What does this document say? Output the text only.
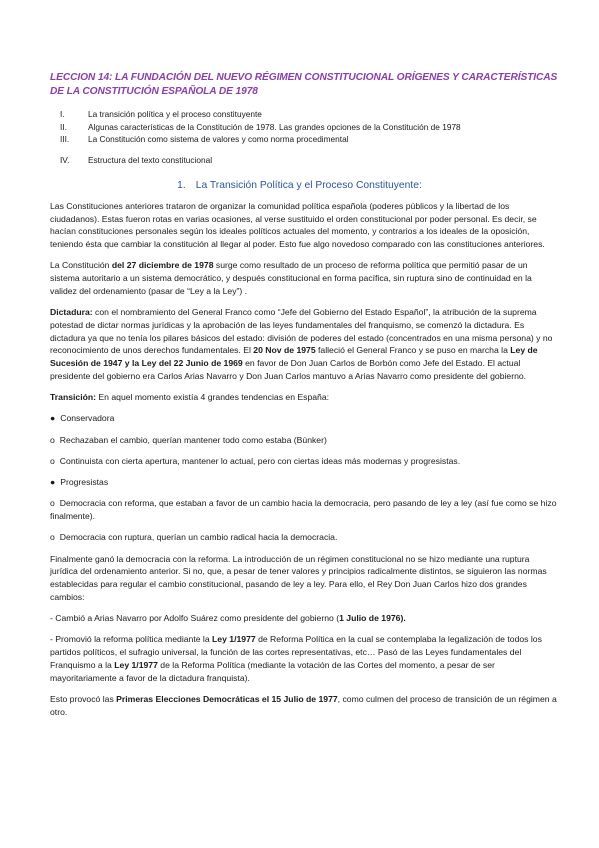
LECCION 14: LA FUNDACIÓN DEL NUEVO RÉGIMEN CONSTITUCIONAL ORÍGENES Y CARACTERÍSTICAS DE LA CONSTITUCIÓN ESPAÑOLA DE 1978
I.	La transición política y el proceso constituyente
II.	Algunas características de la Constitución de 1978. Las grandes opciones de la Constitución de 1978
III.	La Constitución como sistema de valores y como norma procedimental
IV.	Estructura del texto constitucional
1. La Transición Política y el Proceso Constituyente:

Las Constituciones anteriores trataron de organizar la comunidad política española (poderes públicos y la libertad de los ciudadanos). Estas fueron rotas en varias ocasiones, al verse sustituido el orden constitucional por poder personal. Es decir, se hacían constituciones personales según los ideales políticos actuales del momento, y contrarios a los ideales de la oposición, teniendo ésta que cambiar la constitución al llegar al poder. Esto fue algo novedoso comparado con las constituciones anteriores.

La Constitución del 27 diciembre de 1978 surge como resultado de un proceso de reforma política que permitió pasar de un sistema autoritario a un sistema democrático, y después constitucional en forma pacífica, sin ruptura sino de continuidad en la validez del ordenamiento (pasar de “Ley a la Ley”) .

Dictadura: con el nombramiento del General Franco como “Jefe del Gobierno del Estado Español”, la atribución de la suprema potestad de dictar normas jurídicas y la aprobación de las leyes fundamentales del franquismo, se comenzó la dictadura. Es dictadura ya que no tenía los pilares básicos del estado: división de poderes del estado (concentrados en una misma persona) y no reconocimiento de unos derechos fundamentales. El 20 Nov de 1975 falleció el General Franco y se puso en marcha la Ley de Sucesión de 1947 y la Ley del 22 Junio de 1969 en favor de Don Juan Carlos de Borbón como Jefe del Estado. El actual presidente del gobierno era Carlos Arias Navarro y Don Juan Carlos mantuvo a Arias Navarro como presidente del gobierno.

Transición: En aquel momento existía 4 grandes tendencias en España:

● Conservadora

o Rechazaban el cambio, querían mantener todo como estaba (Búnker)

o Continuista con cierta apertura, mantener lo actual, pero con ciertas ideas más modernas y progresistas.

● Progresistas

o Democracia con reforma, que estaban a favor de un cambio hacia la democracia, pero pasando de ley a ley (así fue como se hizo finalmente).

o Democracia con ruptura, querían un cambio radical hacia la democracia.

Finalmente ganó la democracia con la reforma. La introducción de un régimen constitucional no se hizo mediante una ruptura jurídica del ordenamiento anterior. Si no, que, a pesar de tener valores y principios radicalmente distintos, se siguieron las normas establecidas para regular el cambio constitucional, pasando de ley a ley. Para ello, el Rey Don Juan Carlos hizo dos grandes cambios:

- Cambió a Arias Navarro por Adolfo Suárez como presidente del gobierno (1 Julio de 1976).

- Promovió la reforma política mediante la Ley 1/1977 de Reforma Política en la cual se contemplaba la legalización de todos los partidos políticos, el sufragio universal, la función de las cortes representativas, etc… Pasó de las Leyes fundamentales del Franquismo a la Ley 1/1977 de la Reforma Política (mediante la votación de las Cortes del momento, a pesar de ser mayoritariamente a favor de la dictadura franquista).

Esto provocó las Primeras Elecciones Democráticas el 15 Julio de 1977, como culmen del proceso de transición de un régimen a otro.
